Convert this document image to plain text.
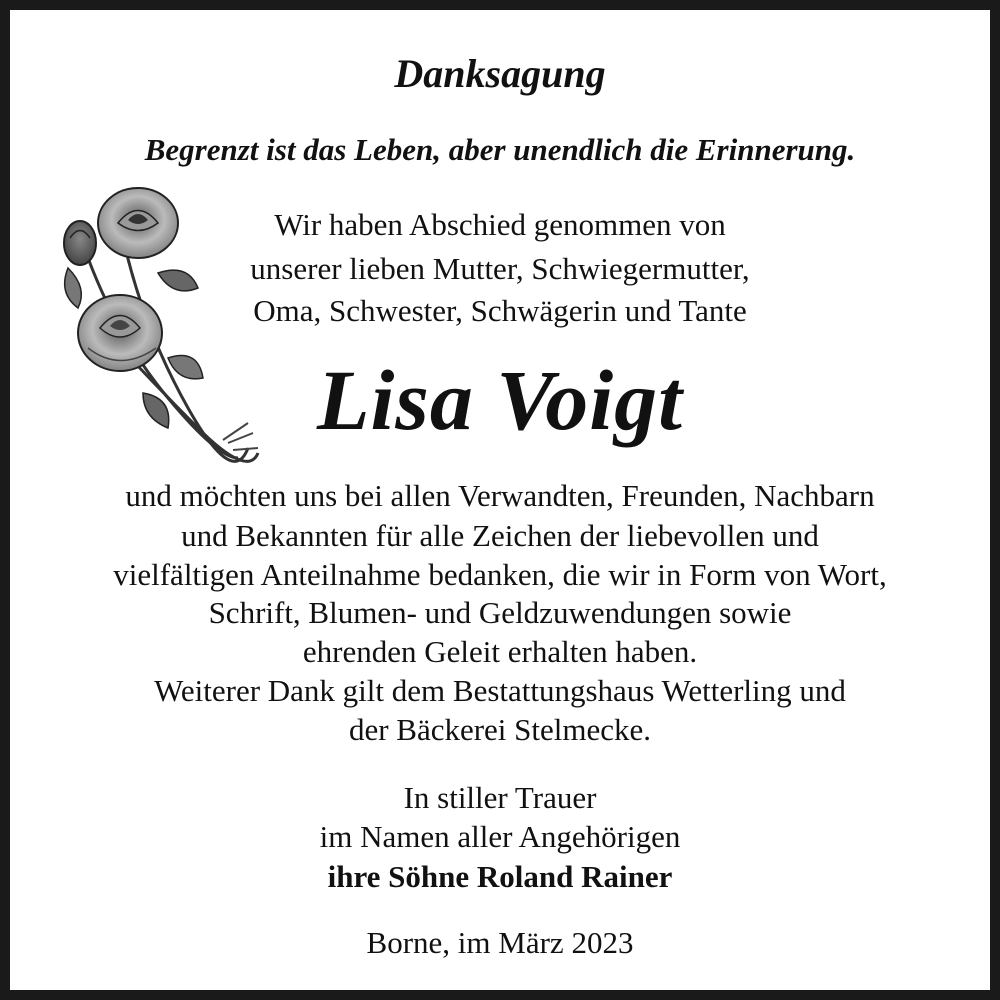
Danksagung
Begrenzt ist das Leben, aber unendlich die Erinnerung.
Wir haben Abschied genommen von
unserer lieben Mutter, Schwiegermutter,
Oma, Schwester, Schwägerin und Tante
Lisa Voigt
und möchten uns bei allen Verwandten, Freunden, Nachbarn
und Bekannten für alle Zeichen der liebevollen und
vielfältigen Anteilnahme bedanken, die wir in Form von Wort,
Schrift, Blumen- und Geldzuwendungen sowie
ehrenden Geleit erhalten haben.
Weiterer Dank gilt dem Bestattungshaus Wetterling und
der Bäckerei Stelmecke.
In stiller Trauer
im Namen aller Angehörigen
ihre Söhne Roland Rainer
Borne, im März 2023
